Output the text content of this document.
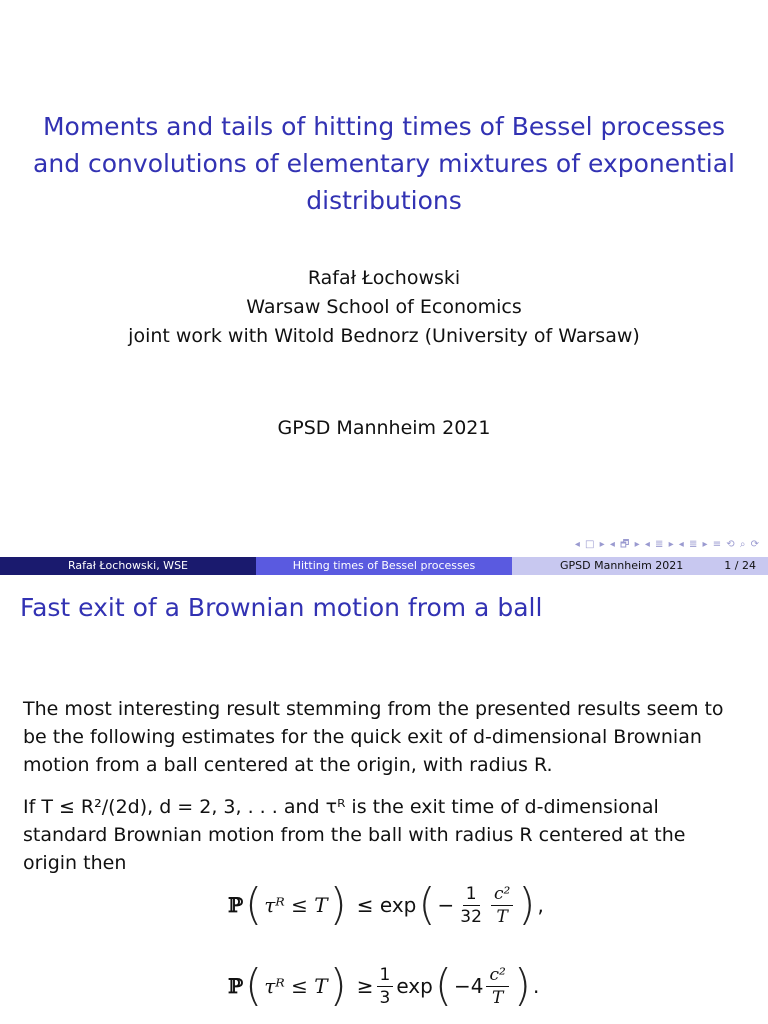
Moments and tails of hitting times of Bessel processes
and convolutions of elementary mixtures of exponential
distributions
Rafał Łochowski
Warsaw School of Economics
joint work with Witold Bednorz (University of Warsaw)
GPSD Mannheim 2021
◂ □ ▸ ◂ 🗗 ▸ ◂ ≣ ▸ ◂ ≣ ▸ ≡ ⟲ ⌕ ⟳
Rafał Łochowski, WSE	Hitting times of Bessel processes	GPSD Mannheim 2021	1 / 24
Fast exit of a Brownian motion from a ball
The most interesting result stemming from the presented results seem to
be the following estimates for the quick exit of d-dimensional Brownian
motion from a ball centered at the origin, with radius R.
If T ≤ R²/(2d), d = 2, 3, . . . and τᴿ is the exit time of d-dimensional
standard Brownian motion from the ball with radius R centered at the
origin then
ℙ ( τᴿ ≤ T ) ≤ exp ( − $\frac{1}{32} \frac{\text{c²}}{T}$ ) ,
ℙ ( τᴿ ≤ T ) ≥ $\frac{1}{3}$ exp ( $-4 \frac{\text{c²}}{T}$ ) .
